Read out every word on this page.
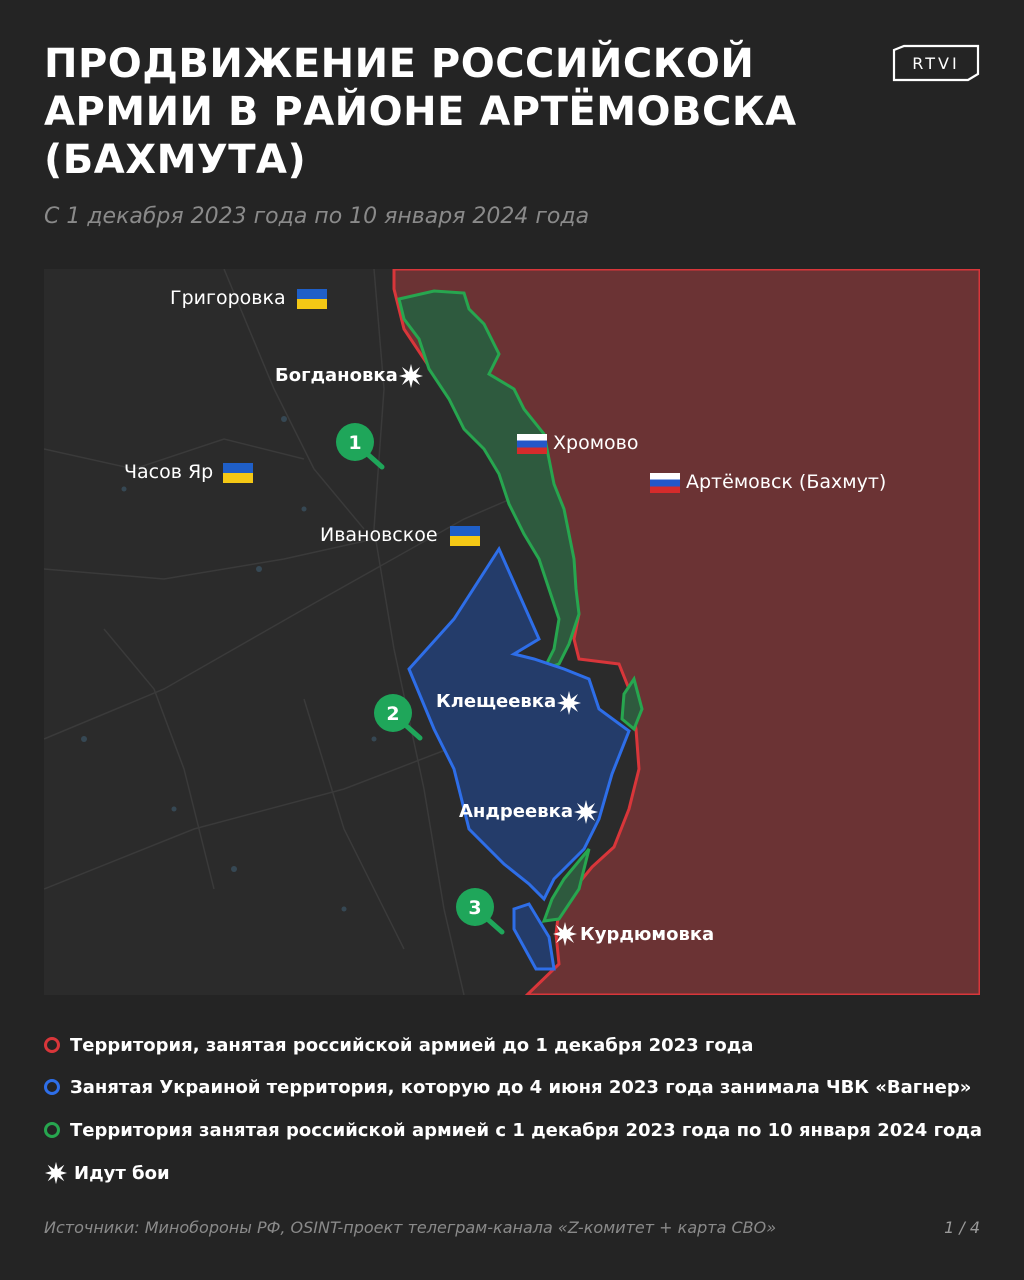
ПРОДВИЖЕНИЕ РОССИЙСКОЙ
АРМИИ В РАЙОНЕ АРТЁМОВСКА
(БАХМУТА)
С 1 декабря 2023 года по 10 января 2024 года
RTVI
Григоровка
Богдановка
Хромово
Часов Яр	Артёмовск (Бахмут)
Ивановское
Клещеевка
Андреевка
Курдюмовка
1
2
3
Территория, занятая российской армией до 1 декабря 2023 года
Занятая Украиной территория, которую до 4 июня 2023 года занимала ЧВК «Вагнер»
Территория занятая российской армией с 1 декабря 2023 года по 10 января 2024 года
Идут бои
Источники: Минобороны РФ, OSINT-проект телеграм-канала «Z-комитет + карта СВО»	1 / 4
